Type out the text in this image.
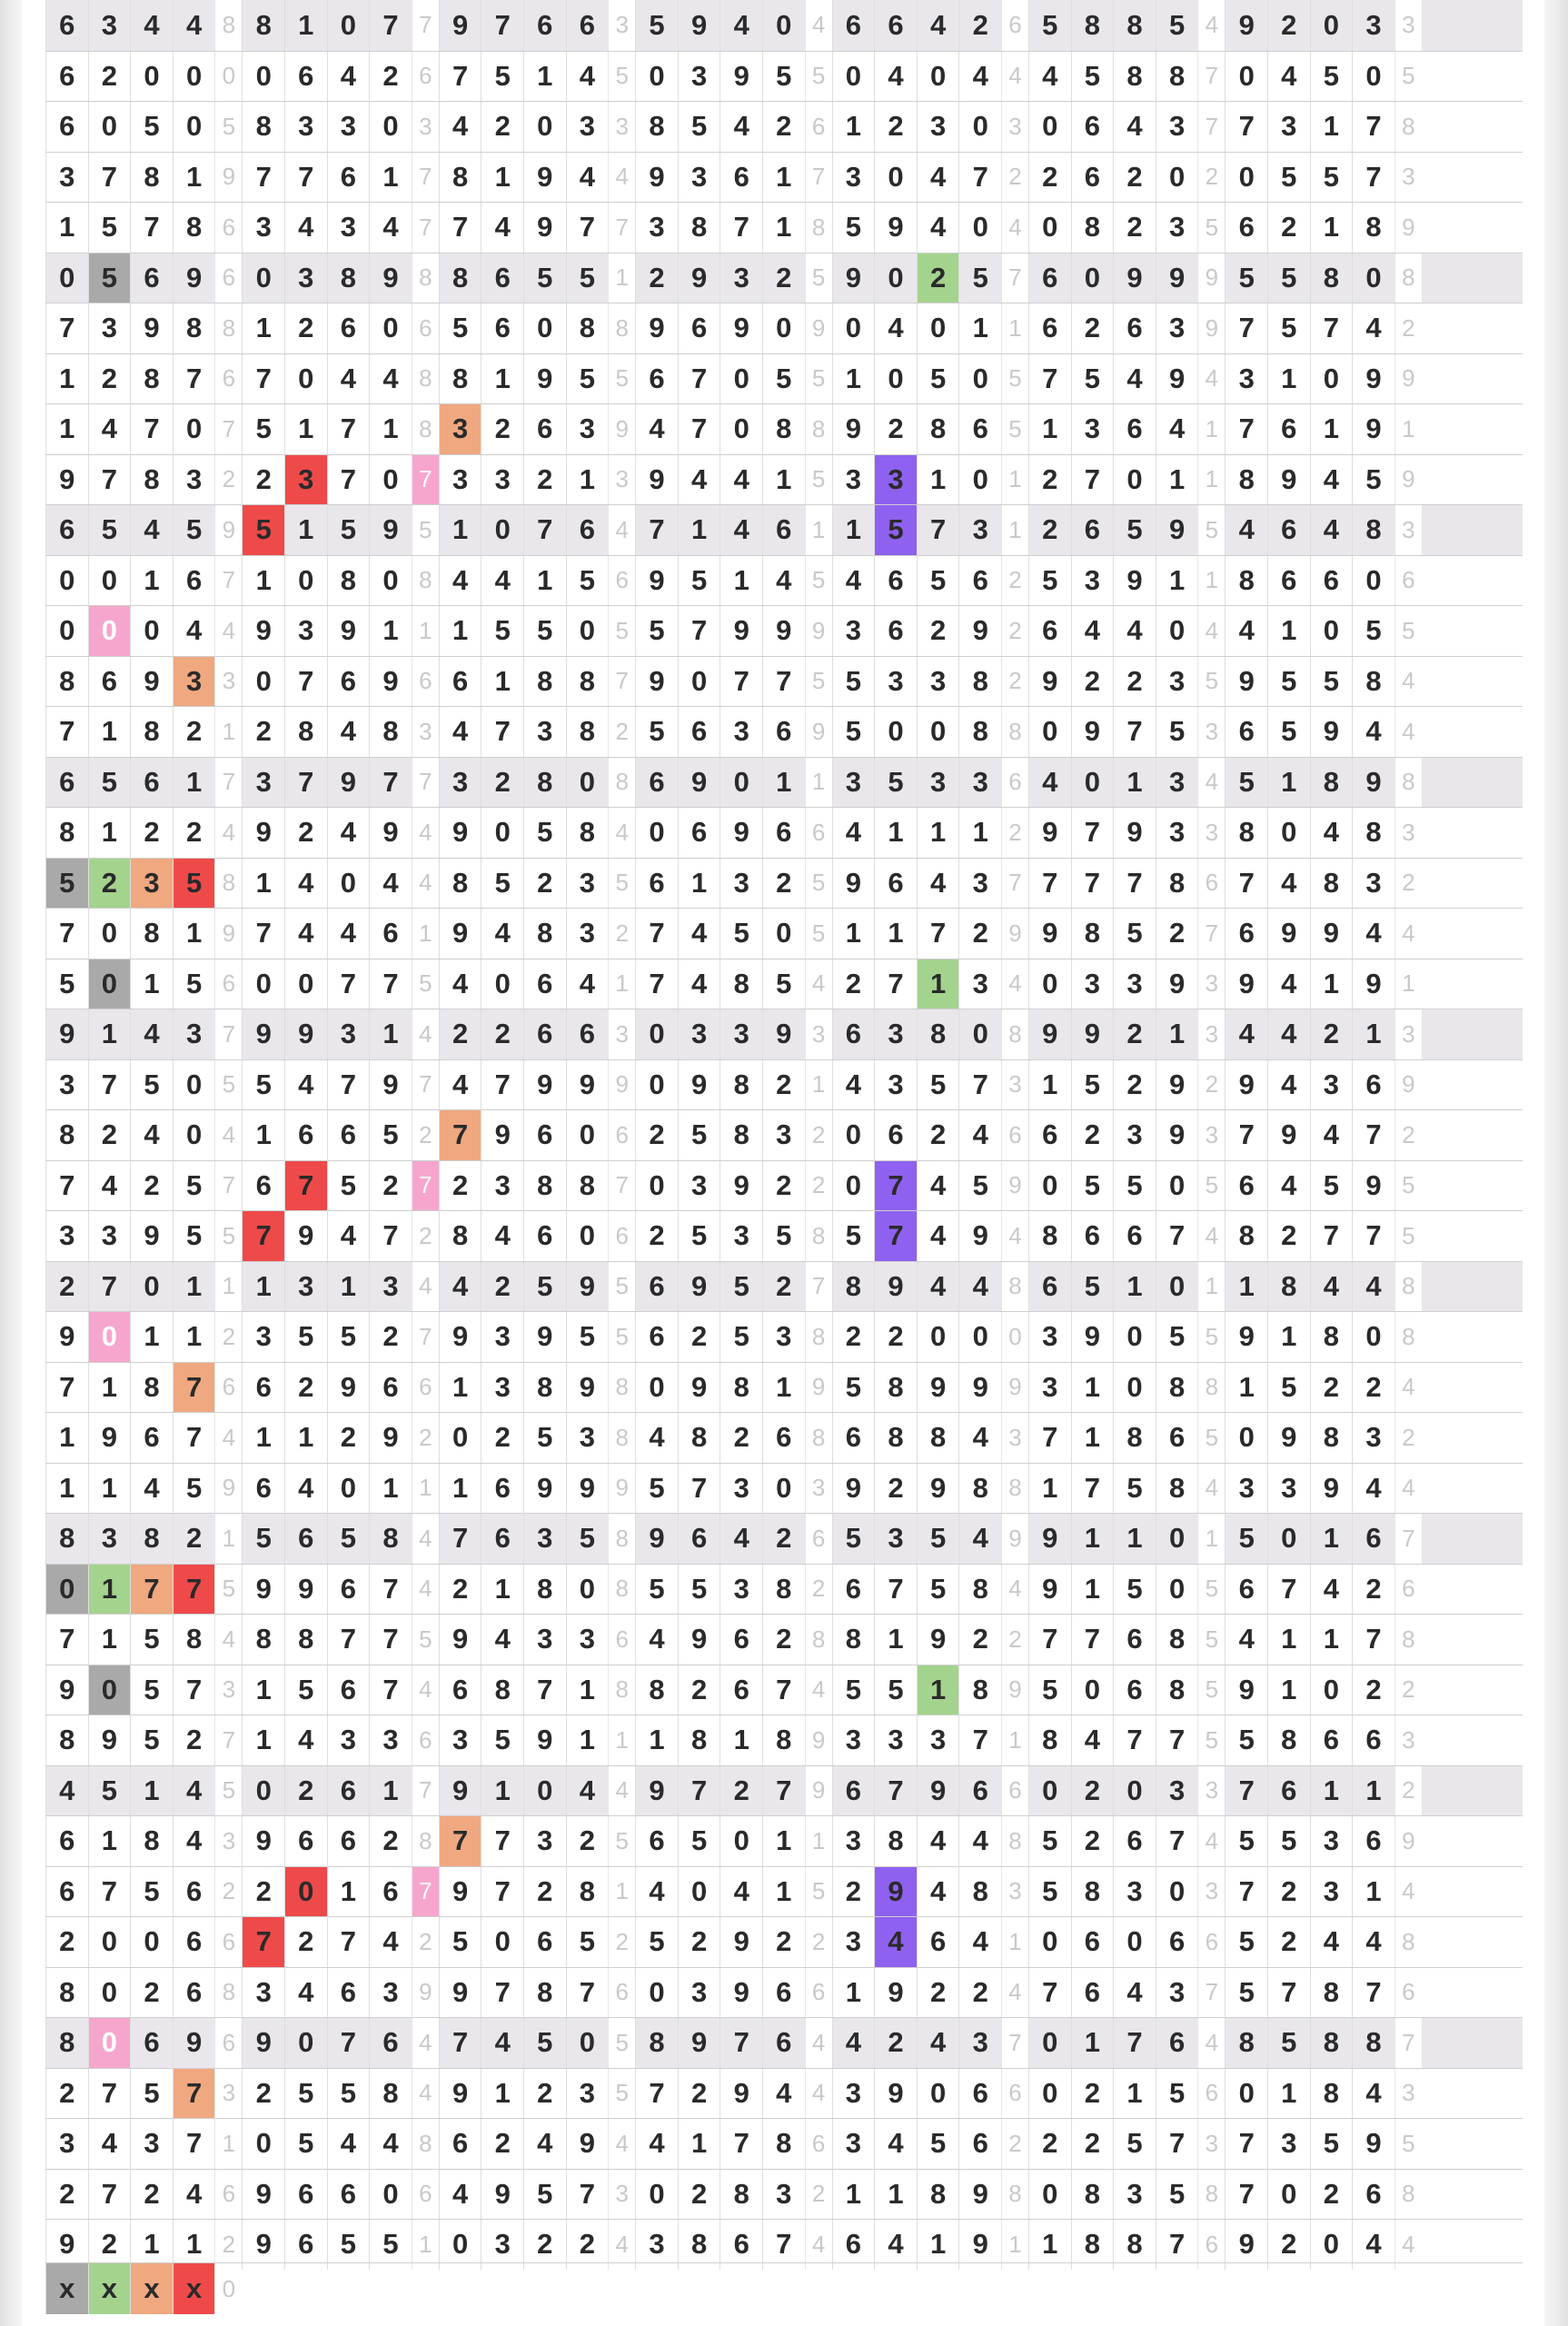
6 3 4 4 8 8 1 0 7 7 9 7 6 6 3 5 9 4 0 4 6 6 4 2 6 5 8 8 5 4 9 2 0 3 3
6 2 0 0 0 0 6 4 2 6 7 5 1 4 5 0 3 9 5 5 0 4 0 4 4 4 5 8 8 7 0 4 5 0 5
6 0 5 0 5 8 3 3 0 3 4 2 0 3 3 8 5 4 2 6 1 2 3 0 3 0 6 4 3 7 7 3 1 7 8
3 7 8 1 9 7 7 6 1 7 8 1 9 4 4 9 3 6 1 7 3 0 4 7 2 2 6 2 0 2 0 5 5 7 3
1 5 7 8 6 3 4 3 4 7 7 4 9 7 7 3 8 7 1 8 5 9 4 0 4 0 8 2 3 5 6 2 1 8 9
0 5 6 9 6 0 3 8 9 8 8 6 5 5 1 2 9 3 2 5 9 0 2 5 7 6 0 9 9 9 5 5 8 0 8
7 3 9 8 8 1 2 6 0 6 5 6 0 8 8 9 6 9 0 9 0 4 0 1 1 6 2 6 3 9 7 5 7 4 2
1 2 8 7 6 7 0 4 4 8 8 1 9 5 5 6 7 0 5 5 1 0 5 0 5 7 5 4 9 4 3 1 0 9 9
1 4 7 0 7 5 1 7 1 8 3 2 6 3 9 4 7 0 8 8 9 2 8 6 5 1 3 6 4 1 7 6 1 9 1
9 7 8 3 2 2 3 7 0 7 3 3 2 1 3 9 4 4 1 5 3 3 1 0 1 2 7 0 1 1 8 9 4 5 9
6 5 4 5 9 5 1 5 9 5 1 0 7 6 4 7 1 4 6 1 1 5 7 3 1 2 6 5 9 5 4 6 4 8 3
0 0 1 6 7 1 0 8 0 8 4 4 1 5 6 9 5 1 4 5 4 6 5 6 2 5 3 9 1 1 8 6 6 0 6
0 0 0 4 4 9 3 9 1 1 1 5 5 0 5 5 7 9 9 9 3 6 2 9 2 6 4 4 0 4 4 1 0 5 5
8 6 9 3 3 0 7 6 9 6 6 1 8 8 7 9 0 7 7 5 5 3 3 8 2 9 2 2 3 5 9 5 5 8 4
7 1 8 2 1 2 8 4 8 3 4 7 3 8 2 5 6 3 6 9 5 0 0 8 8 0 9 7 5 3 6 5 9 4 4
6 5 6 1 7 3 7 9 7 7 3 2 8 0 8 6 9 0 1 1 3 5 3 3 6 4 0 1 3 4 5 1 8 9 8
8 1 2 2 4 9 2 4 9 4 9 0 5 8 4 0 6 9 6 6 4 1 1 1 2 9 7 9 3 3 8 0 4 8 3
5 2 3 5 8 1 4 0 4 4 8 5 2 3 5 6 1 3 2 5 9 6 4 3 7 7 7 7 8 6 7 4 8 3 2
7 0 8 1 9 7 4 4 6 1 9 4 8 3 2 7 4 5 0 5 1 1 7 2 9 9 8 5 2 7 6 9 9 4 4
5 0 1 5 6 0 0 7 7 5 4 0 6 4 1 7 4 8 5 4 2 7 1 3 4 0 3 3 9 3 9 4 1 9 1
9 1 4 3 7 9 9 3 1 4 2 2 6 6 3 0 3 3 9 3 6 3 8 0 8 9 9 2 1 3 4 4 2 1 3
3 7 5 0 5 5 4 7 9 7 4 7 9 9 9 0 9 8 2 1 4 3 5 7 3 1 5 2 9 2 9 4 3 6 9
8 2 4 0 4 1 6 6 5 2 7 9 6 0 6 2 5 8 3 2 0 6 2 4 6 6 2 3 9 3 7 9 4 7 2
7 4 2 5 7 6 7 5 2 7 2 3 8 8 7 0 3 9 2 2 0 7 4 5 9 0 5 5 0 5 6 4 5 9 5
3 3 9 5 5 7 9 4 7 2 8 4 6 0 6 2 5 3 5 8 5 7 4 9 4 8 6 6 7 4 8 2 7 7 5
2 7 0 1 1 1 3 1 3 4 4 2 5 9 5 6 9 5 2 7 8 9 4 4 8 6 5 1 0 1 1 8 4 4 8
9 0 1 1 2 3 5 5 2 7 9 3 9 5 5 6 2 5 3 8 2 2 0 0 0 3 9 0 5 5 9 1 8 0 8
7 1 8 7 6 6 2 9 6 6 1 3 8 9 8 0 9 8 1 9 5 8 9 9 9 3 1 0 8 8 1 5 2 2 4
1 9 6 7 4 1 1 2 9 2 0 2 5 3 8 4 8 2 6 8 6 8 8 4 3 7 1 8 6 5 0 9 8 3 2
1 1 4 5 9 6 4 0 1 1 1 6 9 9 9 5 7 3 0 3 9 2 9 8 8 1 7 5 8 4 3 3 9 4 4
8 3 8 2 1 5 6 5 8 4 7 6 3 5 8 9 6 4 2 6 5 3 5 4 9 9 1 1 0 1 5 0 1 6 7
0 1 7 7 5 9 9 6 7 4 2 1 8 0 8 5 5 3 8 2 6 7 5 8 4 9 1 5 0 5 6 7 4 2 6
7 1 5 8 4 8 8 7 7 5 9 4 3 3 6 4 9 6 2 8 8 1 9 2 2 7 7 6 8 5 4 1 1 7 8
9 0 5 7 3 1 5 6 7 4 6 8 7 1 8 8 2 6 7 4 5 5 1 8 9 5 0 6 8 5 9 1 0 2 2
8 9 5 2 7 1 4 3 3 6 3 5 9 1 1 1 8 1 8 9 3 3 3 7 1 8 4 7 7 5 5 8 6 6 3
4 5 1 4 5 0 2 6 1 7 9 1 0 4 4 9 7 2 7 9 6 7 9 6 6 0 2 0 3 3 7 6 1 1 2
6 1 8 4 3 9 6 6 2 8 7 7 3 2 5 6 5 0 1 1 3 8 4 4 8 5 2 6 7 4 5 5 3 6 9
6 7 5 6 2 2 0 1 6 7 9 7 2 8 1 4 0 4 1 5 2 9 4 8 3 5 8 3 0 3 7 2 3 1 4
2 0 0 6 6 7 2 7 4 2 5 0 6 5 2 5 2 9 2 2 3 4 6 4 1 0 6 0 6 6 5 2 4 4 8
8 0 2 6 8 3 4 6 3 9 9 7 8 7 6 0 3 9 6 6 1 9 2 2 4 7 6 4 3 7 5 7 8 7 6
8 0 6 9 6 9 0 7 6 4 7 4 5 0 5 8 9 7 6 4 4 2 4 3 7 0 1 7 6 4 8 5 8 8 7
2 7 5 7 3 2 5 5 8 4 9 1 2 3 5 7 2 9 4 4 3 9 0 6 6 0 2 1 5 6 0 1 8 4 3
3 4 3 7 1 0 5 4 4 8 6 2 4 9 4 4 1 7 8 6 3 4 5 6 2 2 2 5 7 3 7 3 5 9 5
2 7 2 4 6 9 6 6 0 6 4 9 5 7 3 0 2 8 3 2 1 1 8 9 8 0 8 3 5 8 7 0 2 6 8
9 2 1 1 2 9 6 5 5 1 0 3 2 2 4 3 8 6 7 4 6 4 1 9 1 1 8 8 7 6 9 2 0 4 4
x x x x 0
